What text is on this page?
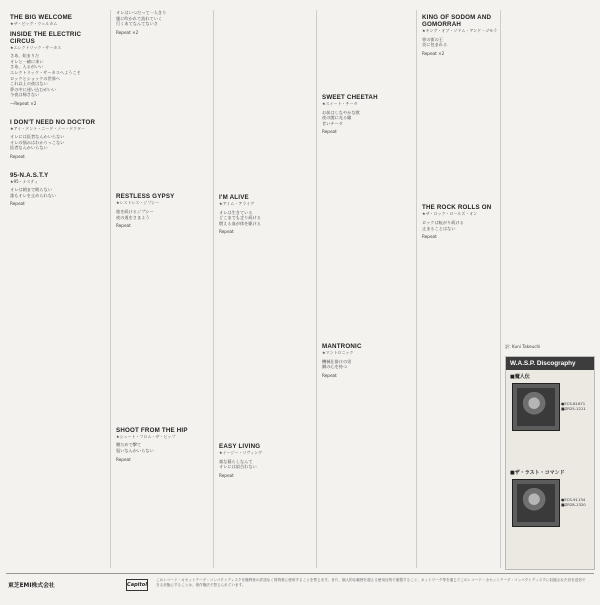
THE BIG WELCOME
★ザ・ビッグ・ウェルカム
INSIDE THE ELECTRIC CIRCUS
★エレクトリック・サーカス
さあ、始まりだ
オレと一緒に来い
さあ、入るがいい
エレクトリック・サーカスへようこそ
ロックとショックの世界へ
これ以上の夜はない
夢の中に迷い込むがいい
今夜は帰さない
—Repeat ×2
I DON'T NEED NO DOCTOR
★アイ・ドント・ニード・ノー・ドクター
オレには医者なんかいらない
オレの悩みはわかりっこない
医者なんかいらない
Repeat
95-N.A.S.T.Y
★95・ナスティ
オレは朝まで眠らない
誰もオレを止められない
Repeat
オレはいつだって一人きり
風に吹かれて流れていく
行くあてなんてないさ
Repeat ×2
RESTLESS GYPSY
★レストレス・ジプシー
旅を続けるジプシー
夜の道をさまよう
Repeat
SHOOT FROM THE HIP
★シュート・フロム・ザ・ヒップ
腰だめで撃て
狙いなんかいらない
Repeat
I'M ALIVE
★アイム・アライヴ
オレは生きている
どこまでも走り続ける
燃える血が体を駆ける
Repeat
EASY LIVING
★イージー・リヴィング
楽な暮らしなんて
オレには似合わない
Repeat
SWEET CHEETAH
★スイート・チータ
お前はしなやかな獣
夜の闇に光る瞳
甘いチータ
Repeat
MANTRONIC
★マントロニック
機械仕掛けの男
鋼の心を持つ
Repeat
KING OF SODOM AND GOMORRAH
★キング・オブ・ソドム・アンド・ゴモラ
罪の街の王
炎に包まれる
Repeat ×2
THE ROCK ROLLS ON
★ザ・ロック・ロールズ・オン
ロックは転がり続ける
止まることはない
Repeat
訳: Kuni Takeuchi
W.A.S.P. Discography
■魔人伝
●ECS-81671
■ZR25-1211
■ザ・ラスト・コマンド
●ECS-91134
■ZR28-1320
東芝EMI株式会社	Capitol
このレコード・カセットテープ・コンパクトディスクを権利者の許諾なく賃貸業に使用することを禁じます。また、個人的な範囲を超える使用目的で複製すること、ネットワーク等を通じてこのレコード・カセットテープ・コンパクトディスクに収録された音を送信できる状態にすることは、著作権法で禁じられています。
